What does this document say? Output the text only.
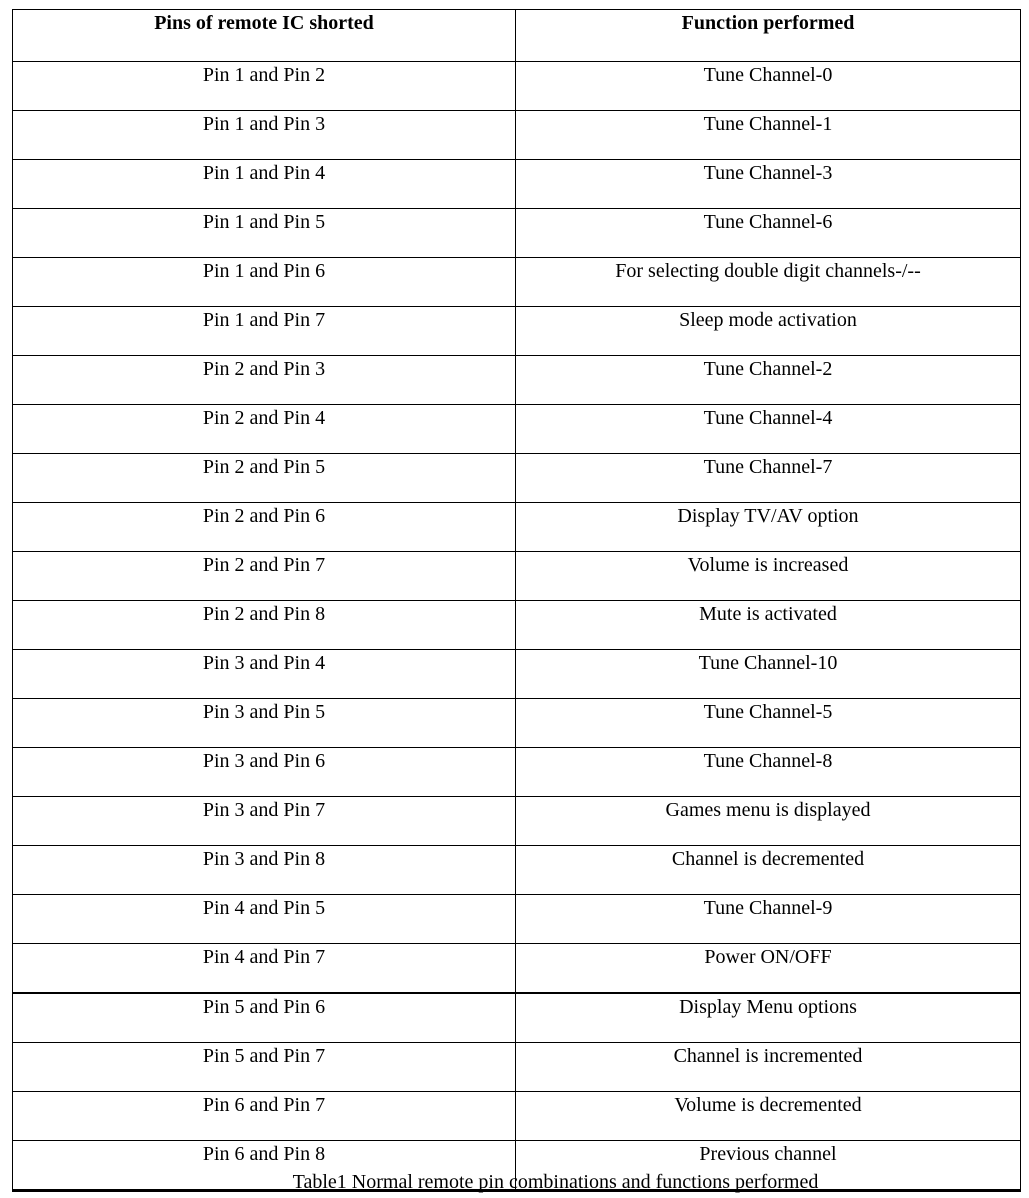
Pins of remote IC shorted	Function performed
Pin 1 and Pin 2	Tune Channel-0
Pin 1 and Pin 3	Tune Channel-1
Pin 1 and Pin 4	Tune Channel-3
Pin 1 and Pin 5	Tune Channel-6
Pin 1 and Pin 6	For selecting double digit channels-/--
Pin 1 and Pin 7	Sleep mode activation
Pin 2 and Pin 3	Tune Channel-2
Pin 2 and Pin 4	Tune Channel-4
Pin 2 and Pin 5	Tune Channel-7
Pin 2 and Pin 6	Display TV/AV option
Pin 2 and Pin 7	Volume is increased
Pin 2 and Pin 8	Mute is activated
Pin 3 and Pin 4	Tune Channel-10
Pin 3 and Pin 5	Tune Channel-5
Pin 3 and Pin 6	Tune Channel-8
Pin 3 and Pin 7	Games menu is displayed
Pin 3 and Pin 8	Channel is decremented
Pin 4 and Pin 5	Tune Channel-9
Pin 4 and Pin 7	Power ON/OFF
Pin 5 and Pin 6	Display Menu options
Pin 5 and Pin 7	Channel is incremented
Pin 6 and Pin 7	Volume is decremented
Pin 6 and Pin 8	Previous channel
Table1 Normal remote pin combinations and functions performed
